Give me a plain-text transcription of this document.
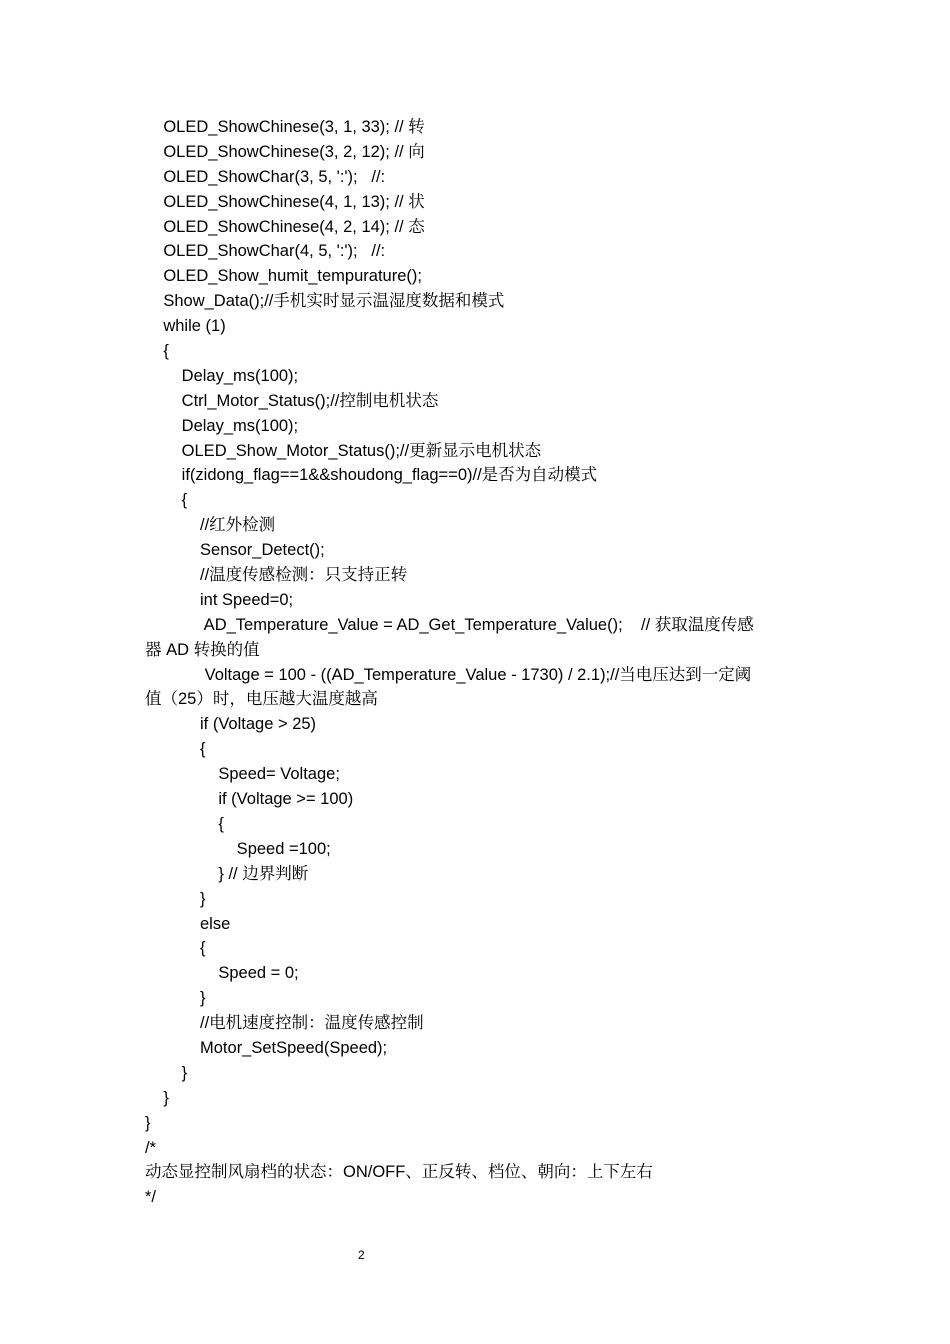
OLED_ShowChinese(3, 1, 33); // 转
OLED_ShowChinese(3, 2, 12); // 向
OLED_ShowChar(3, 5, ':');   //:
OLED_ShowChinese(4, 1, 13); // 状
OLED_ShowChinese(4, 2, 14); // 态
OLED_ShowChar(4, 5, ':');   //:
OLED_Show_humit_tempurature();
Show_Data();//手机实时显示温湿度数据和模式
while (1)
{
Delay_ms(100);
Ctrl_Motor_Status();//控制电机状态
Delay_ms(100);
OLED_Show_Motor_Status();//更新显示电机状态
if(zidong_flag==1&&shoudong_flag==0)//是否为自动模式
{
//红外检测
Sensor_Detect();
//温度传感检测：只支持正转
int Speed=0;
AD_Temperature_Value = AD_Get_Temperature_Value();    // 获取温度传感
器 AD 转换的值
Voltage = 100 - ((AD_Temperature_Value - 1730) / 2.1);//当电压达到一定阈
值（25）时，电压越大温度越高
if (Voltage > 25)
{
Speed= Voltage;
if (Voltage >= 100)
{
Speed =100;
} // 边界判断
}
else
{
Speed = 0;
}
//电机速度控制：温度传感控制
Motor_SetSpeed(Speed);
}
}
}
/*
动态显控制风扇档的状态：ON/OFF、正反转、档位、朝向：上下左右
*/
2
